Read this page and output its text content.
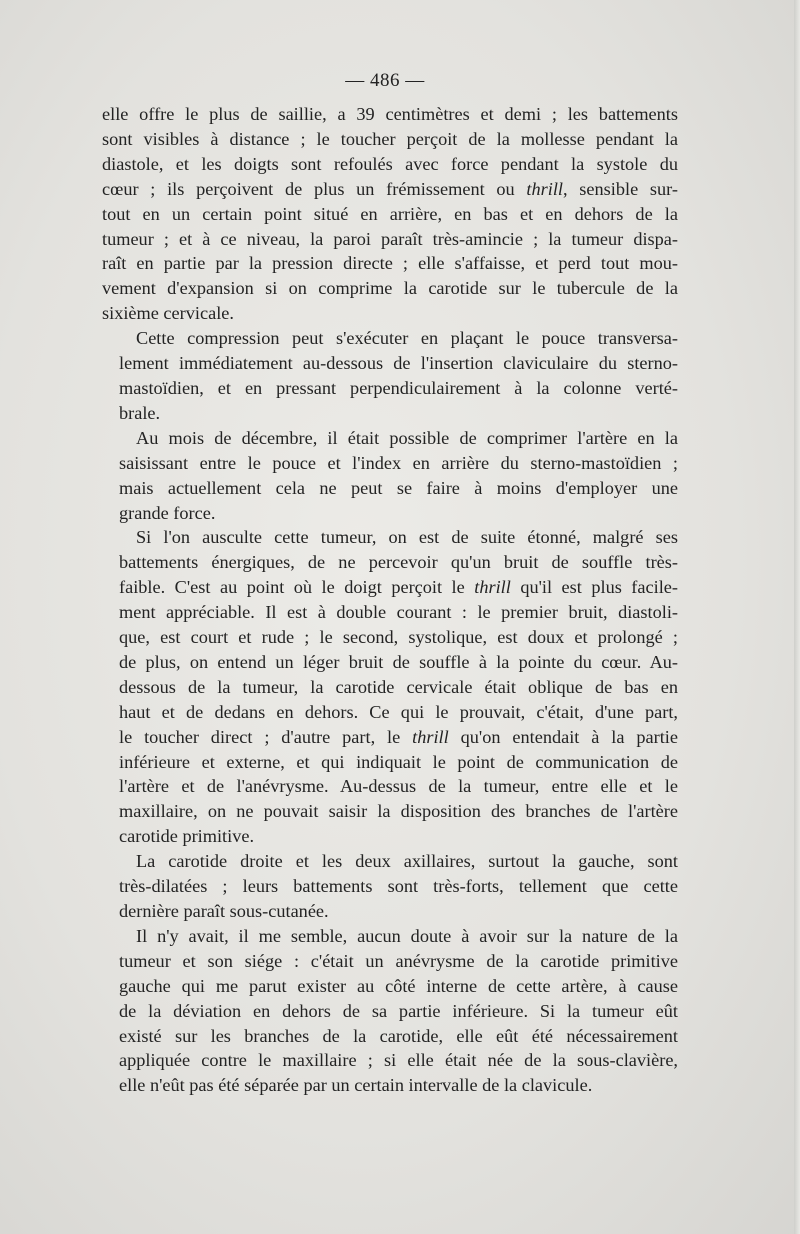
— 486 —

elle offre le plus de saillie, a 39 centimètres et demi ; les battements
sont visibles à distance ; le toucher perçoit de la mollesse pendant la
diastole, et les doigts sont refoulés avec force pendant la systole du
cœur ; ils perçoivent de plus un frémissement ou thrill, sensible sur-
tout en un certain point situé en arrière, en bas et en dehors de la
tumeur ; et à ce niveau, la paroi paraît très-amincie ; la tumeur dispa-
raît en partie par la pression directe ; elle s'affaisse, et perd tout mou-
vement d'expansion si on comprime la carotide sur le tubercule de la
sixième cervicale.

Cette compression peut s'exécuter en plaçant le pouce transversa-
lement immédiatement au-dessous de l'insertion claviculaire du sterno-
mastoïdien, et en pressant perpendiculairement à la colonne verté-
brale.

Au mois de décembre, il était possible de comprimer l'artère en la
saisissant entre le pouce et l'index en arrière du sterno-mastoïdien ;
mais actuellement cela ne peut se faire à moins d'employer une
grande force.

Si l'on ausculte cette tumeur, on est de suite étonné, malgré ses
battements énergiques, de ne percevoir qu'un bruit de souffle très-
faible. C'est au point où le doigt perçoit le thrill qu'il est plus facile-
ment appréciable. Il est à double courant : le premier bruit, diastoli-
que, est court et rude ; le second, systolique, est doux et prolongé ;
de plus, on entend un léger bruit de souffle à la pointe du cœur. Au-
dessous de la tumeur, la carotide cervicale était oblique de bas en
haut et de dedans en dehors. Ce qui le prouvait, c'était, d'une part,
le toucher direct ; d'autre part, le thrill qu'on entendait à la partie
inférieure et externe, et qui indiquait le point de communication de
l'artère et de l'anévrysme. Au-dessus de la tumeur, entre elle et le
maxillaire, on ne pouvait saisir la disposition des branches de l'artère
carotide primitive.

La carotide droite et les deux axillaires, surtout la gauche, sont
très-dilatées ; leurs battements sont très-forts, tellement que cette
dernière paraît sous-cutanée.

Il n'y avait, il me semble, aucun doute à avoir sur la nature de la
tumeur et son siége : c'était un anévrysme de la carotide primitive
gauche qui me parut exister au côté interne de cette artère, à cause
de la déviation en dehors de sa partie inférieure. Si la tumeur eût
existé sur les branches de la carotide, elle eût été nécessairement
appliquée contre le maxillaire ; si elle était née de la sous-clavière,
elle n'eût pas été séparée par un certain intervalle de la clavicule.
